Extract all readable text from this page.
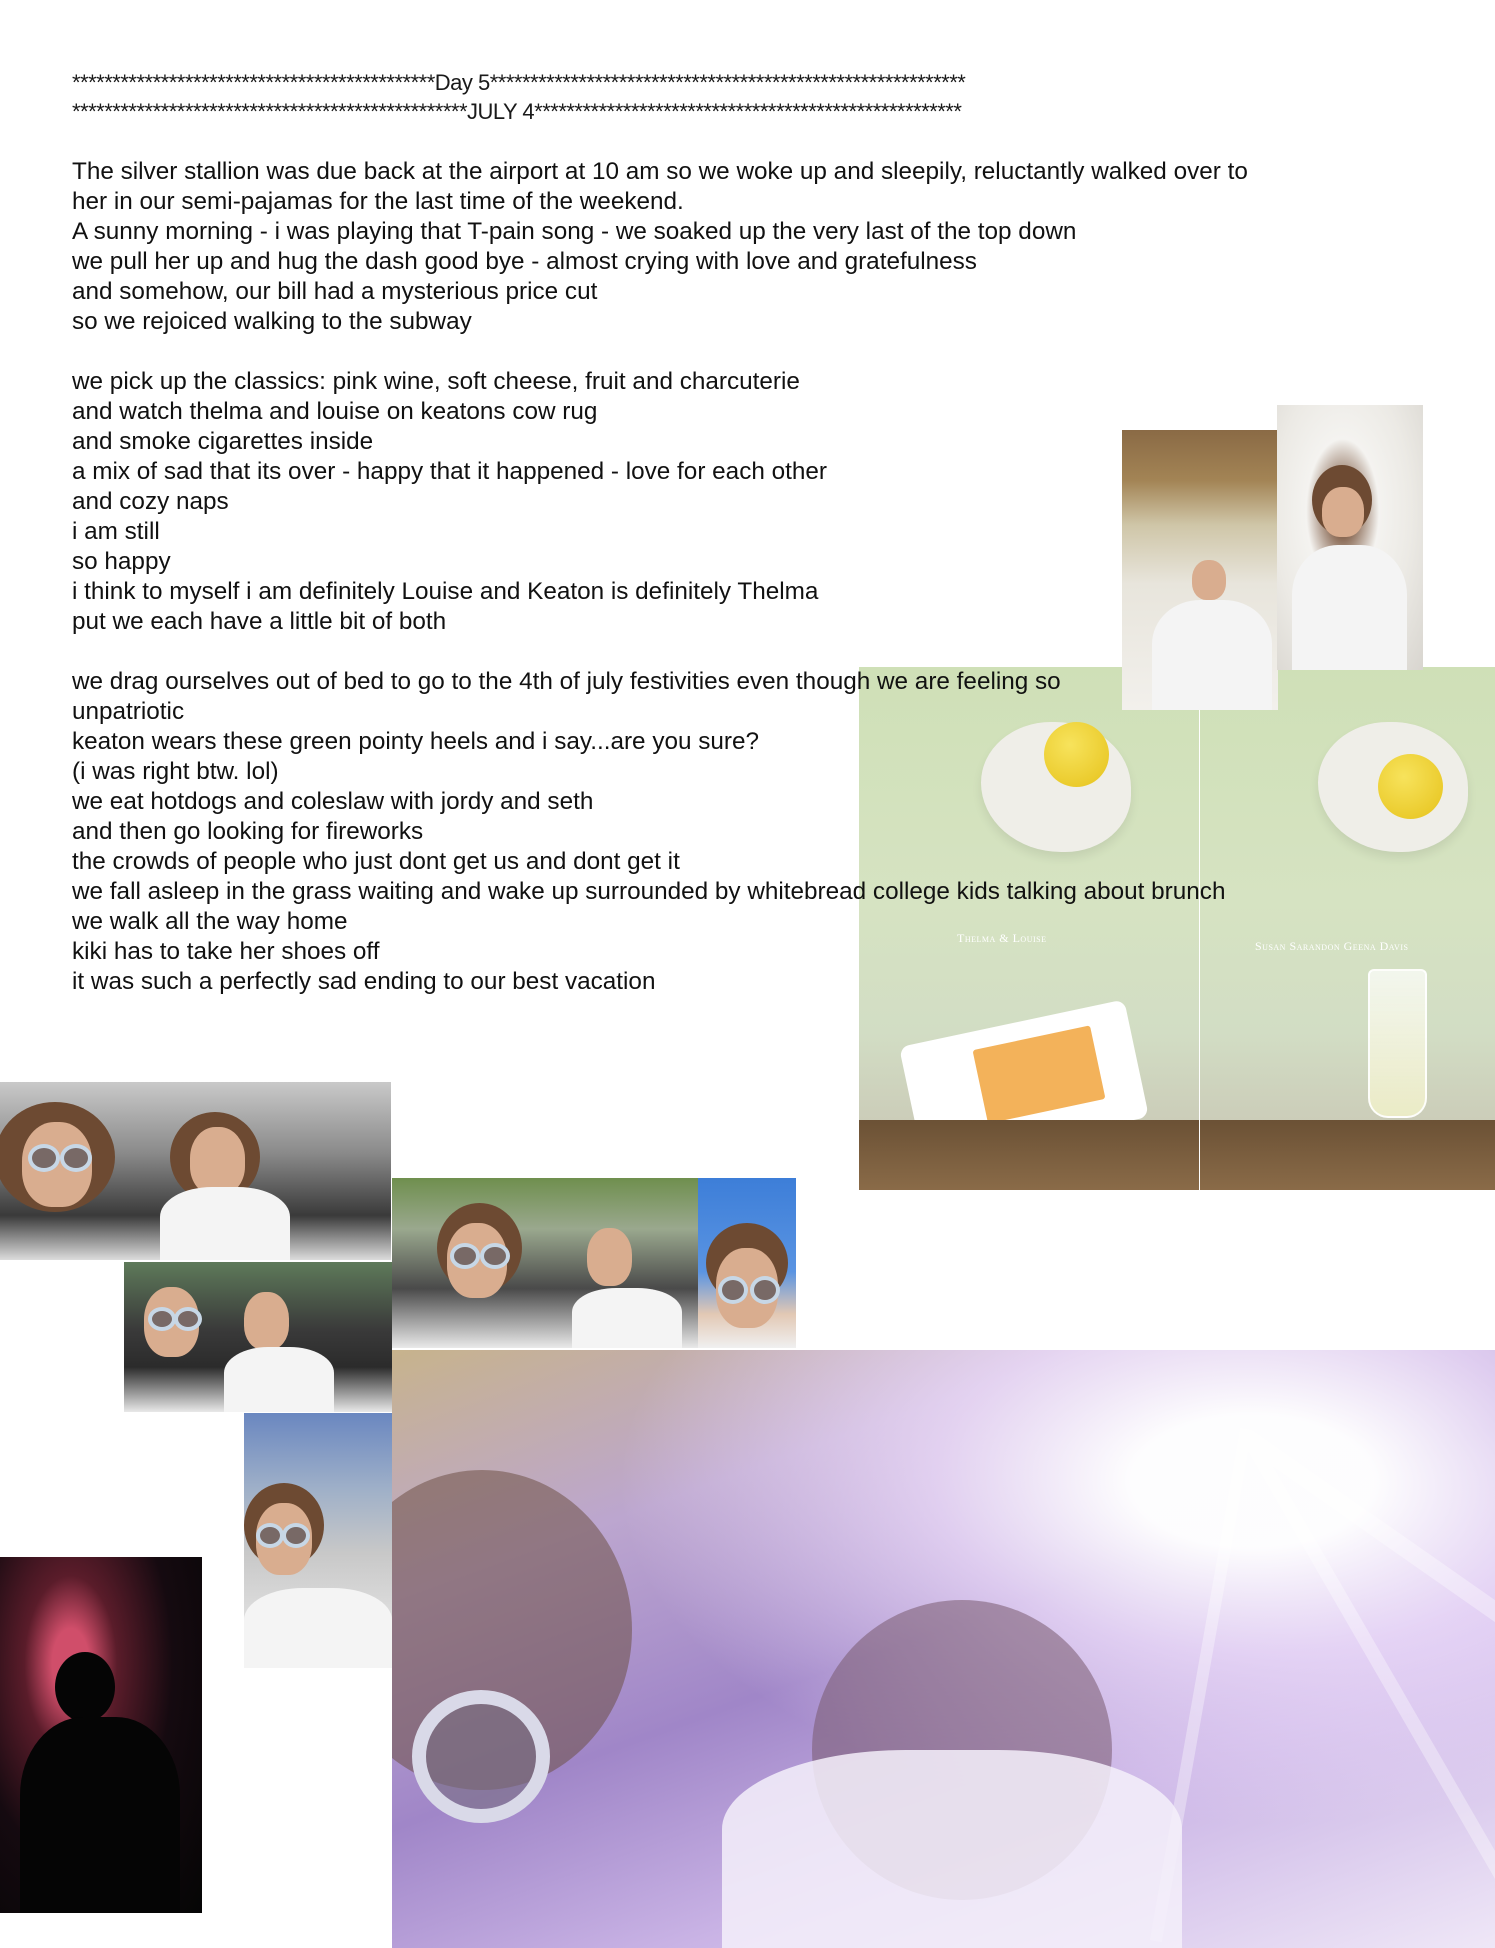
*********************************************Day 5***********************************************************

*************************************************JULY 4*****************************************************

The silver stallion was due back at the airport at 10 am so we woke up and sleepily, reluctantly walked over to
her in our semi-pajamas for the last time of the weekend.
A sunny morning - i was playing that T-pain song - we soaked up the very last of the top down
we pull her up and hug the dash good bye - almost crying with love and gratefulness
and somehow, our bill had a mysterious price cut
so we rejoiced walking to the subway
we pick up the classics: pink wine, soft cheese, fruit and charcuterie
and watch thelma and louise on keatons cow rug
and smoke cigarettes inside
a mix of sad that its over - happy that it happened - love for each other
and cozy naps
i am still
so happy
i think to myself i am definitely Louise and Keaton is definitely Thelma
put we each have a little bit of both
we drag ourselves out of bed to go to the 4th of july festivities even though we are feeling so
unpatriotic
keaton wears these green pointy heels and i say...are you sure?
(i was right btw. lol)
we eat hotdogs and coleslaw with jordy and seth
and then go looking for fireworks
the crowds of people who just dont get us and dont get it
we fall asleep in the grass waiting and wake up surrounded by whitebread college kids talking about brunch
we walk all the way home
kiki has to take her shoes off
it was such a perfectly sad ending to our best vacation
Thelma & Louise
Susan Sarandon Geena Davis
